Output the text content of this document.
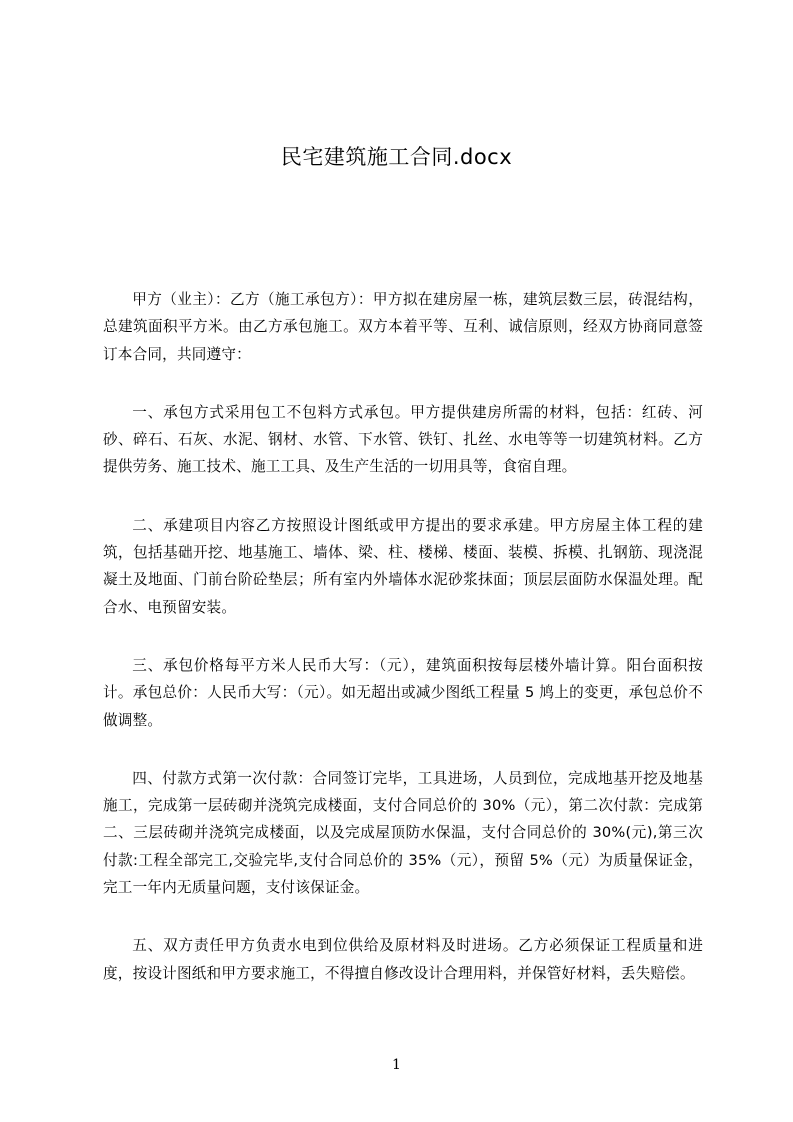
民宅建筑施工合同.docx

甲方（业主）：乙方（施工承包方）：甲方拟在建房屋一栋，建筑层数三层，砖混结构，总建筑面积平方米。由乙方承包施工。双方本着平等、互利、诚信原则，经双方协商同意签订本合同，共同遵守：

一、承包方式采用包工不包料方式承包。甲方提供建房所需的材料，包括：红砖、河砂、碎石、石灰、水泥、钢材、水管、下水管、铁钉、扎丝、水电等等一切建筑材料。乙方提供劳务、施工技术、施工工具、及生产生活的一切用具等，食宿自理。

二、承建项目内容乙方按照设计图纸或甲方提出的要求承建。甲方房屋主体工程的建筑，包括基础开挖、地基施工、墙体、梁、柱、楼梯、楼面、装模、拆模、扎钢筋、现浇混凝土及地面、门前台阶砼垫层；所有室内外墙体水泥砂浆抹面；顶层层面防水保温处理。配合水、电预留安装。

三、承包价格每平方米人民币大写：（元），建筑面积按每层楼外墙计算。阳台面积按计。承包总价：人民币大写：（元）。如无超出或减少图纸工程量 5 鸠上的变更，承包总价不做调整。

四、付款方式第一次付款：合同签订完毕，工具进场，人员到位，完成地基开挖及地基施工，完成第一层砖砌并浇筑完成楼面，支付合同总价的 30%（元），第二次付款：完成第二、三层砖砌并浇筑完成楼面，以及完成屋顶防水保温，支付合同总价的 30%(元),第三次付款:工程全部完工,交验完毕,支付合同总价的 35%（元），预留 5%（元）为质量保证金，完工一年内无质量问题，支付该保证金。

五、双方责任甲方负责水电到位供给及原材料及时进场。乙方必须保证工程质量和进度，按设计图纸和甲方要求施工，不得擅自修改设计合理用料，并保管好材料，丢失赔偿。

1
